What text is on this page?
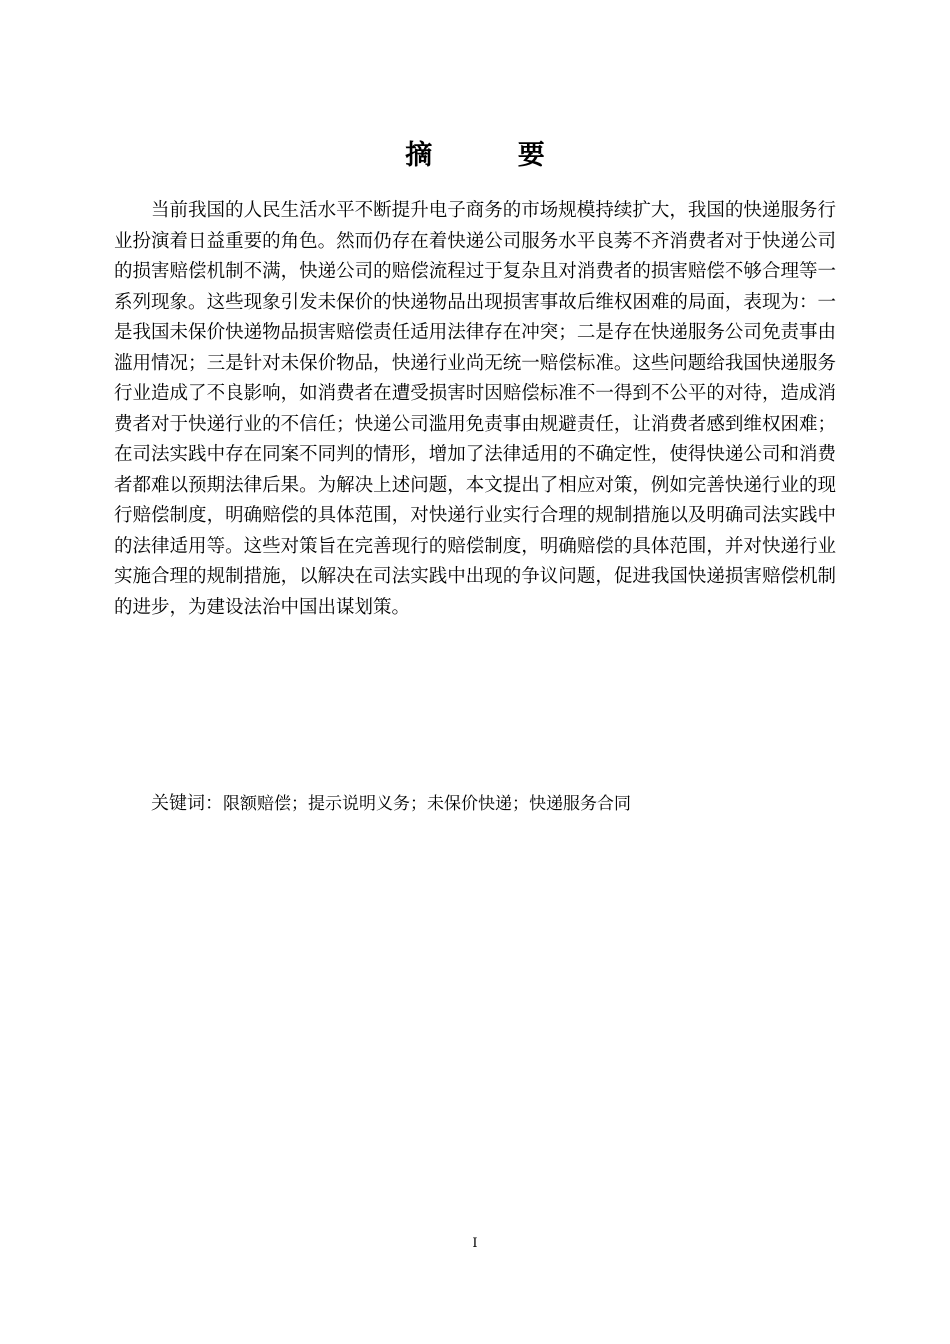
摘 要

当前我国的人民生活水平不断提升电子商务的市场规模持续扩大，我国的快递服务行业扮演着日益重要的角色。然而仍存在着快递公司服务水平良莠不齐消费者对于快递公司的损害赔偿机制不满，快递公司的赔偿流程过于复杂且对消费者的损害赔偿不够合理等一系列现象。这些现象引发未保价的快递物品出现损害事故后维权困难的局面，表现为：一是我国未保价快递物品损害赔偿责任适用法律存在冲突；二是存在快递服务公司免责事由滥用情况；三是针对未保价物品，快递行业尚无统一赔偿标准。这些问题给我国快递服务行业造成了不良影响，如消费者在遭受损害时因赔偿标准不一得到不公平的对待，造成消费者对于快递行业的不信任；快递公司滥用免责事由规避责任，让消费者感到维权困难；在司法实践中存在同案不同判的情形，增加了法律适用的不确定性，使得快递公司和消费者都难以预期法律后果。为解决上述问题，本文提出了相应对策，例如完善快递行业的现行赔偿制度，明确赔偿的具体范围，对快递行业实行合理的规制措施以及明确司法实践中的法律适用等。这些对策旨在完善现行的赔偿制度，明确赔偿的具体范围，并对快递行业实施合理的规制措施，以解决在司法实践中出现的争议问题，促进我国快递损害赔偿机制的进步，为建设法治中国出谋划策。

关键词：限额赔偿；提示说明义务；未保价快递；快递服务合同
I
